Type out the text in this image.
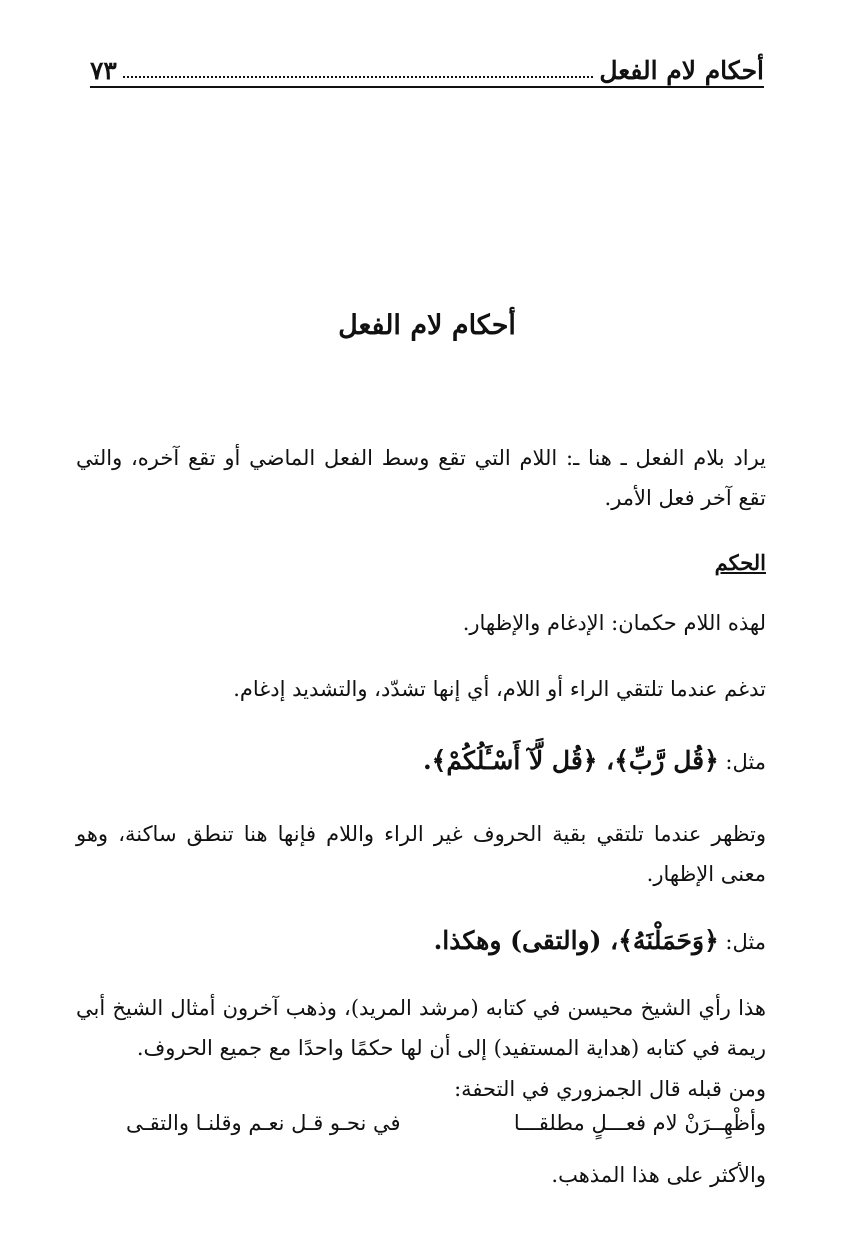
أحكام لام الفعل
٧٣
أحكام لام الفعل
يراد بلام الفعل ـ هنا ـ: اللام التي تقع وسط الفعل الماضي أو تقع آخره، والتي تقع آخر فعل الأمر.
الحكم
لهذه اللام حكمان: الإدغام والإظهار.
تدغم عندما تلتقي الراء أو اللام، أي إنها تشدّد، والتشديد إدغام.
مثل: ﴿قُل رَّبِّ﴾، ﴿قُل لَّآ أَسْـَٔلُكُمْ﴾.
وتظهر عندما تلتقي بقية الحروف غير الراء واللام فإنها هنا تنطق ساكنة، وهو معنى الإظهار.
مثل: ﴿وَحَمَلْنَهُ﴾، (والتقى) وهكذا.
هذا رأي الشيخ محيسن في كتابه (مرشد المريد)، وذهب آخرون أمثال الشيخ أبي ريمة في كتابه (هداية المستفيد) إلى أن لها حكمًا واحدًا مع جميع الحروف.
ومن قبله قال الجمزوري في التحفة:
وأظْهِــرَنْ لام فعـــلٍ مطلقـــا
في نحـو قـل نعـم وقلنـا والتقـى
والأكثر على هذا المذهب.
